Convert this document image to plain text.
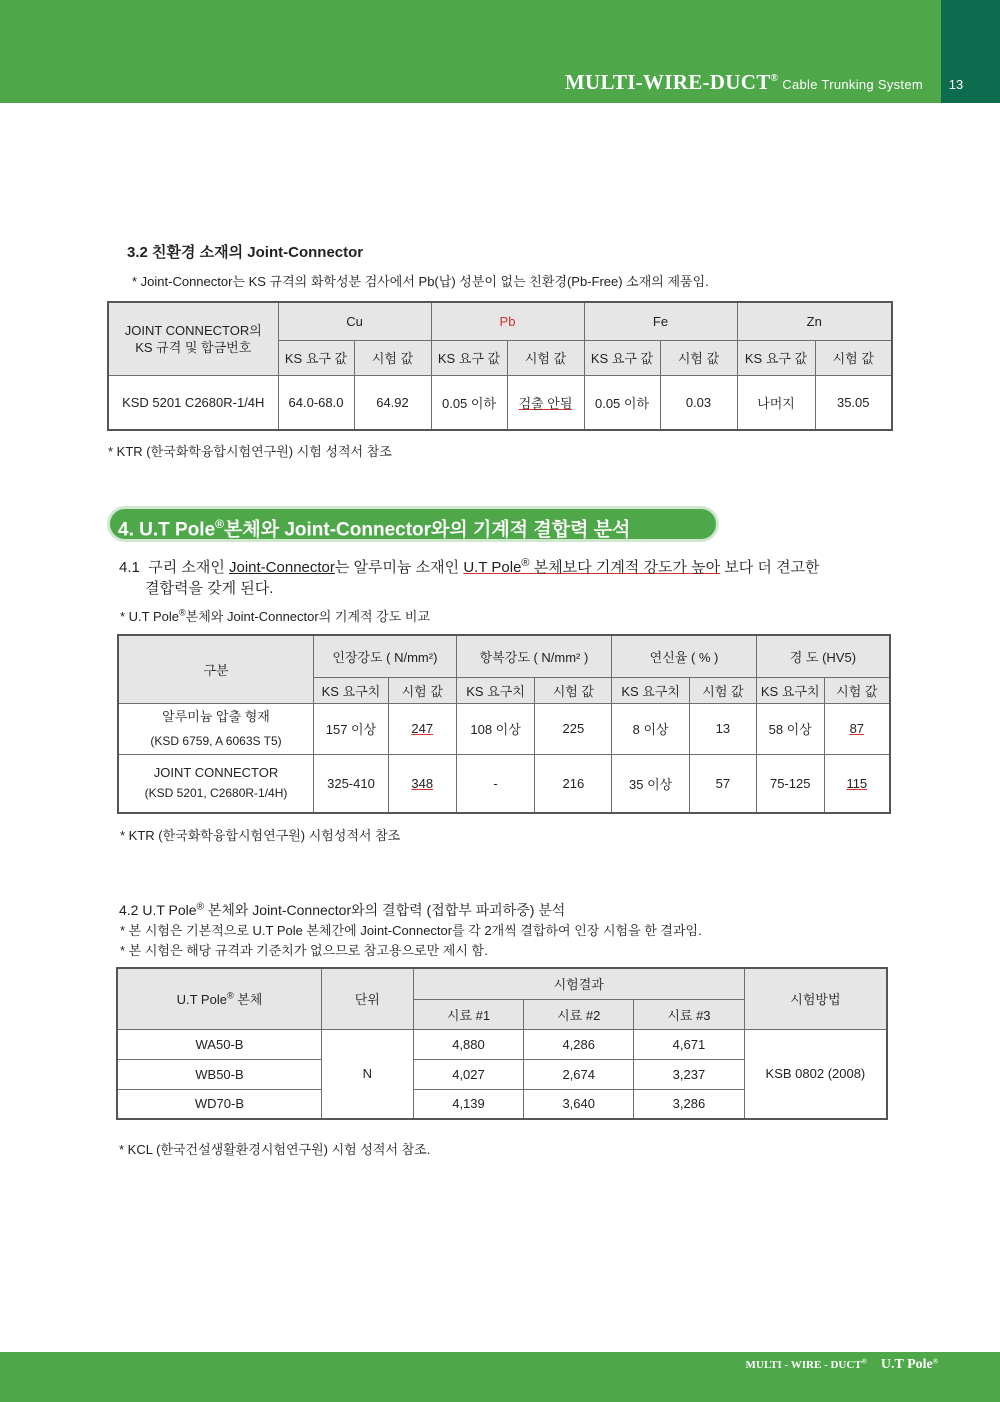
MULTI-WIRE-DUCT® Cable Trunking System	13
3.2 친환경 소재의 Joint-Connector
* Joint-Connector는 KS 규격의 화학성분 검사에서 Pb(납) 성분이 없는 친환경(Pb-Free) 소재의 제품임.
JOINT CONNECTOR의
KS 규격 및 합금번호	Cu		Pb		Fe		Zn	
	KS 요구 값	시험 값	KS 요구 값	시험 값	KS 요구 값	시험 값	KS 요구 값	시험 값
KSD 5201 C2680R-1/4H	64.0-68.0	64.92	0.05 이하	검출 안됨	0.05 이하	0.03	나머지	35.05
* KTR (한국화학융합시험연구원) 시험 성적서 참조
4. U.T Pole®본체와 Joint-Connector와의 기계적 결합력 분석
4.1 구리 소재인 Joint-Connector는 알루미늄 소재인 U.T Pole® 본체보다 기계적 강도가 높아 보다 더 견고한
결합력을 갖게 된다.
* U.T Pole®본체와 Joint-Connector의 기계적 강도 비교
구분	인장강도 ( N/mm²)		항복강도 ( N/mm² )		연신율 ( % )		경 도 (HV5)	
	KS 요구치	시험 값	KS 요구치	시험 값	KS 요구치	시험 값	KS 요구치	시험 값
알루미늄 압출 형재
(KSD 6759, A 6063S T5)	157 이상	247	108 이상	225	8 이상	13	58 이상	87
JOINT CONNECTOR
(KSD 5201, C2680R-1/4H)	325-410	348	-	216	35 이상	57	75-125	115
* KTR (한국화학융합시험연구원) 시험성적서 참조
4.2 U.T Pole® 본체와 Joint-Connector와의 결합력 (접합부 파괴하중) 분석
* 본 시험은 기본적으로 U.T Pole 본체간에 Joint-Connector를 각 2개씩 결합하여 인장 시험을 한 결과임.
* 본 시험은 해당 규격과 기준치가 없으므로 참고용으로만 제시 함.
U.T Pole® 본체	단위	시험결과			시험방법
		시료 #1	시료 #2	시료 #3	
WA50-B	N	4,880	4,286	4,671	KSB 0802 (2008)
WB50-B		4,027	2,674	3,237	
WD70-B		4,139	3,640	3,286	
* KCL (한국건설생활환경시험연구원) 시험 성적서 참조.
MULTI - WIRE - DUCT® U.T Pole®
